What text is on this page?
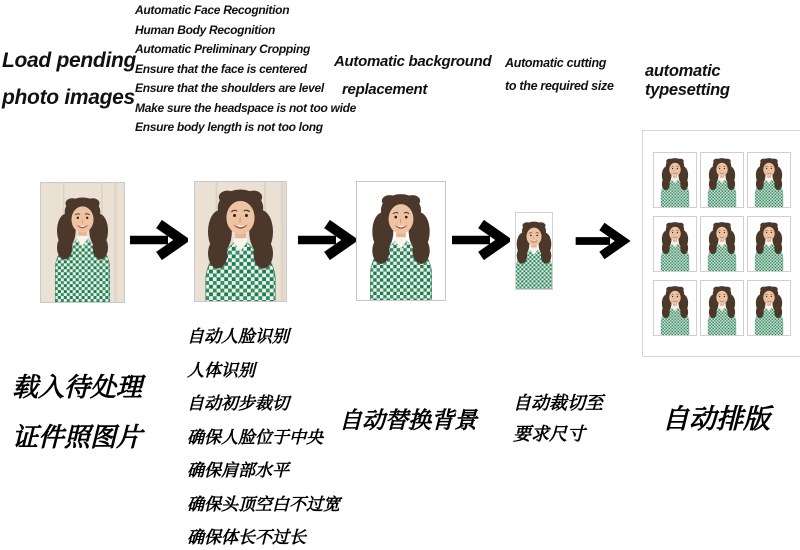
Load pending
photo images
Automatic Face Recognition
Human Body Recognition
Automatic Preliminary Cropping
Ensure that the face is centered
Ensure that the shoulders are level
Make sure the headspace is not too wide
Ensure body length is not too long
Automatic background
replacement
Automatic cutting
to the required size
automatic typesetting
载入待处理
证件照图片
自动人脸识别
人体识别
自动初步裁切
确保人脸位于中央
确保肩部水平
确保头顶空白不过宽
确保体长不过长
自动替换背景
自动裁切至
要求尺寸	自动排版
